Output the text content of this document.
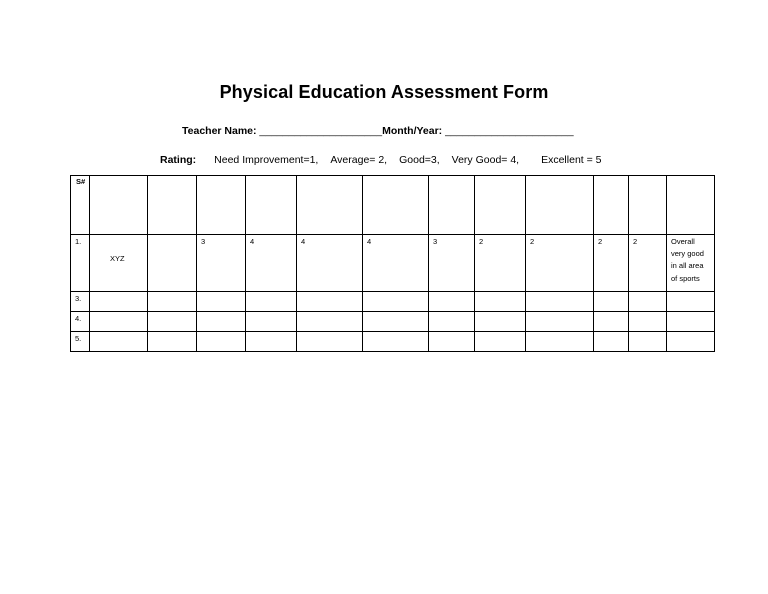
Physical Education Assessment Form
Teacher Name: _____________________Month/Year: ______________________
Rating: Need Improvement=1, Average= 2, Good=3, Very Good= 4, Excellent = 5
S#												

1.	XYZ		3	4	4	4	3	2	2	2	2	Overall
very good
in all area
of sports

3.												

4.												

5.												
